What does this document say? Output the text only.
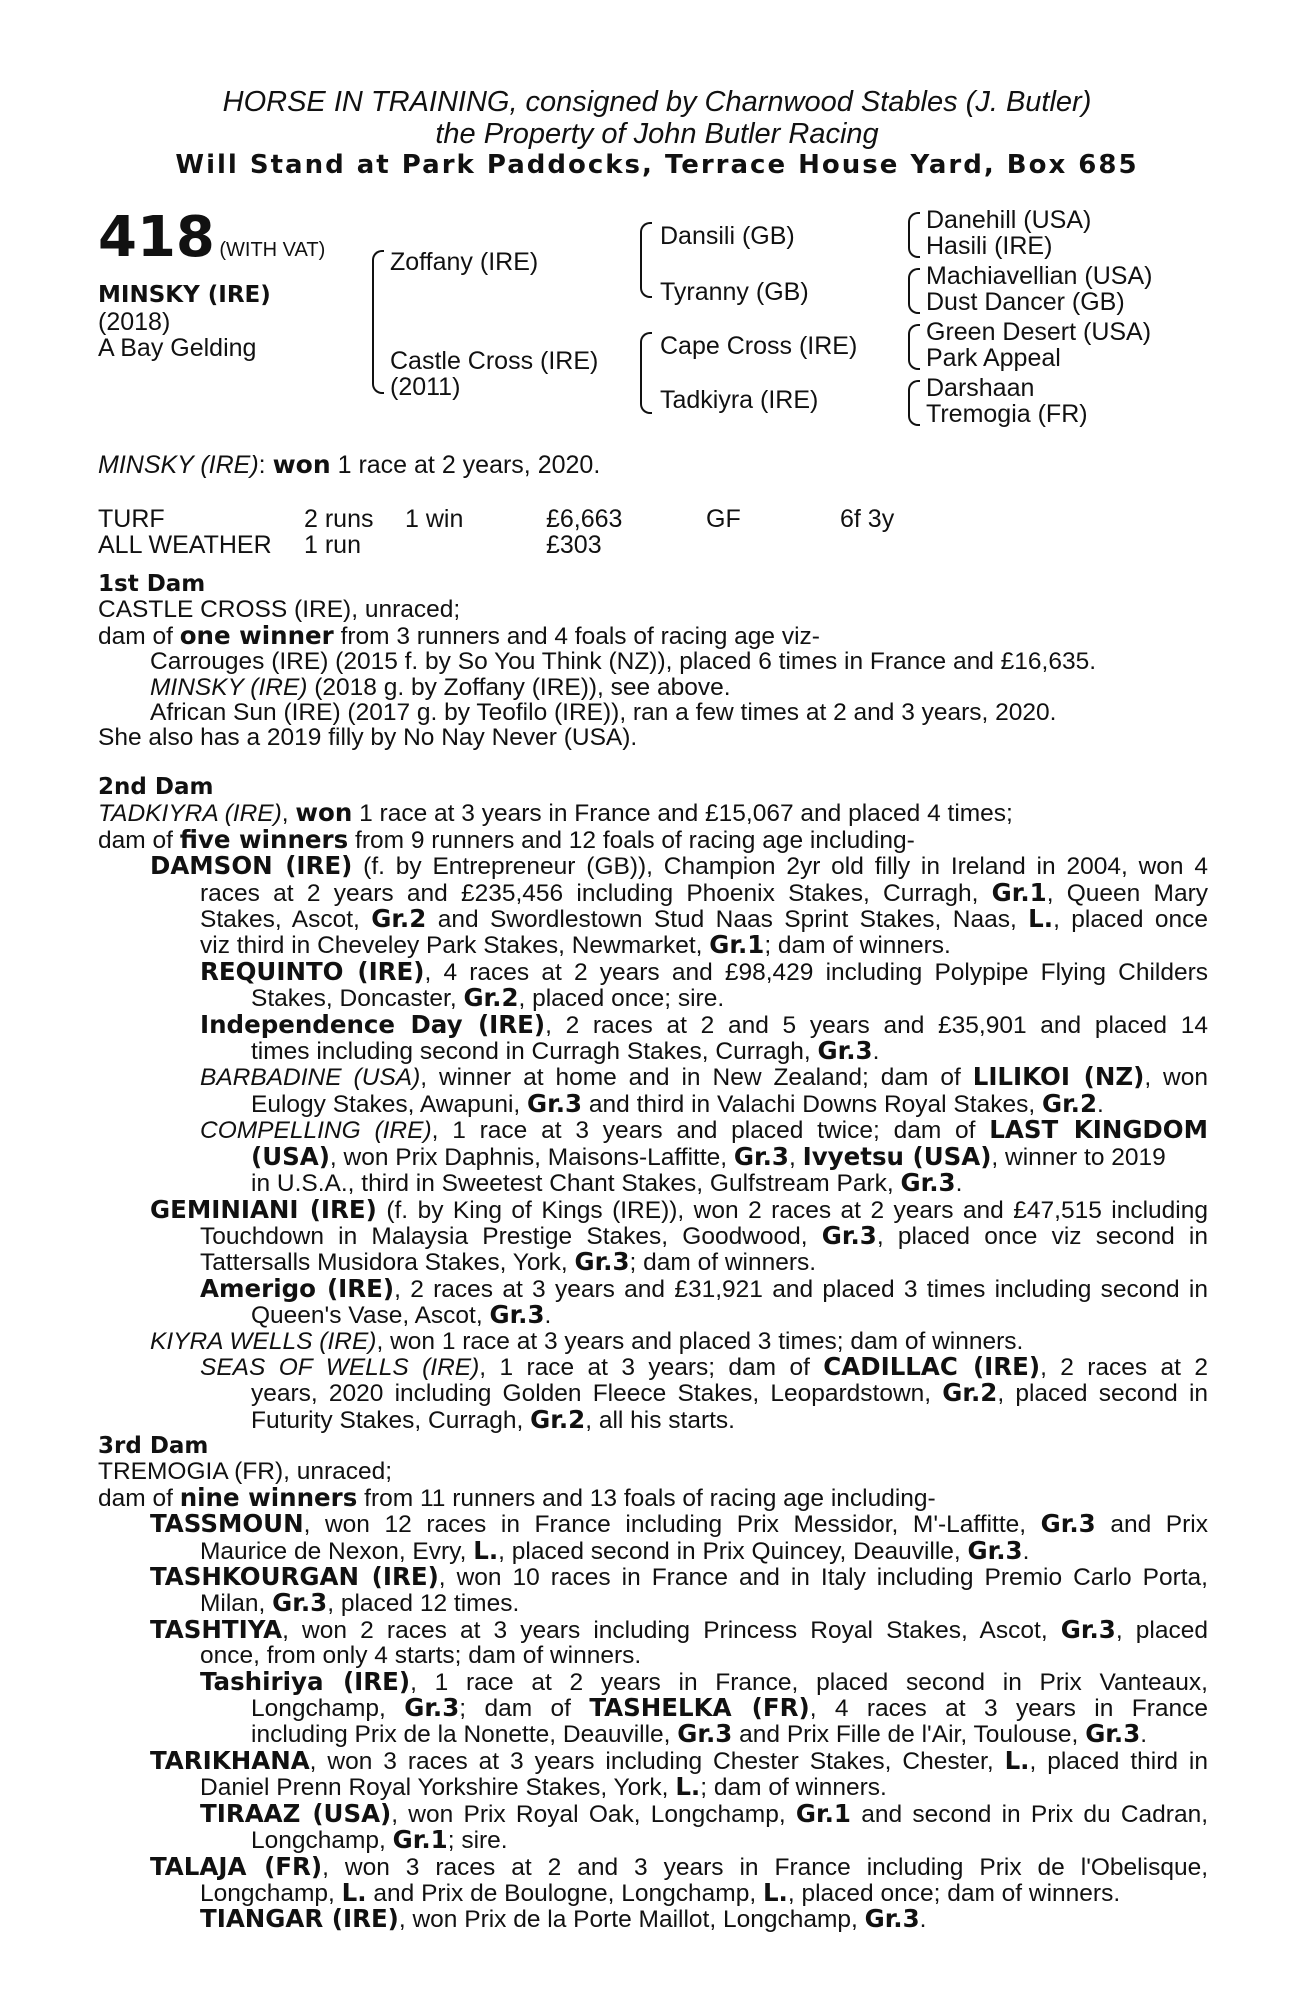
HORSE IN TRAINING, consigned by Charnwood Stables (J. Butler)
the Property of John Butler Racing
Will Stand at Park Paddocks, Terrace House Yard, Box 685
418 (WITH VAT)
MINSKY (IRE)
(2018)
A Bay Gelding
Zoffany (IRE)
Castle Cross (IRE)
(2011)
Dansili (GB)
Tyranny (GB)
Cape Cross (IRE)
Tadkiyra (IRE)
Danehill (USA)
Hasili (IRE)
Machiavellian (USA)
Dust Dancer (GB)
Green Desert (USA)
Park Appeal
Darshaan
Tremogia (FR)
MINSKY (IRE): won 1 race at 2 years, 2020.
TURF	2 runs 1 win	£6,663	GF	6f 3y
ALL WEATHER 1 run	£303
1st Dam
CASTLE CROSS (IRE), unraced;
dam of one winner from 3 runners and 4 foals of racing age viz-
Carrouges (IRE) (2015 f. by So You Think (NZ)), placed 6 times in France and £16,635.
MINSKY (IRE) (2018 g. by Zoffany (IRE)), see above.
African Sun (IRE) (2017 g. by Teofilo (IRE)), ran a few times at 2 and 3 years, 2020.
She also has a 2019 filly by No Nay Never (USA).
2nd Dam
TADKIYRA (IRE), won 1 race at 3 years in France and £15,067 and placed 4 times;
dam of five winners from 9 runners and 12 foals of racing age including-
DAMSON (IRE) (f. by Entrepreneur (GB)), Champion 2yr old filly in Ireland in 2004, won 4
races at 2 years and £235,456 including Phoenix Stakes, Curragh, Gr.1, Queen Mary
Stakes, Ascot, Gr.2 and Swordlestown Stud Naas Sprint Stakes, Naas, L., placed once
viz third in Cheveley Park Stakes, Newmarket, Gr.1; dam of winners.
REQUINTO (IRE), 4 races at 2 years and £98,429 including Polypipe Flying Childers
Stakes, Doncaster, Gr.2, placed once; sire.
Independence Day (IRE), 2 races at 2 and 5 years and £35,901 and placed 14
times including second in Curragh Stakes, Curragh, Gr.3.
BARBADINE (USA), winner at home and in New Zealand; dam of LILIKOI (NZ), won
Eulogy Stakes, Awapuni, Gr.3 and third in Valachi Downs Royal Stakes, Gr.2.
COMPELLING (IRE), 1 race at 3 years and placed twice; dam of LAST KINGDOM
(USA), won Prix Daphnis, Maisons-Laffitte, Gr.3, Ivyetsu (USA), winner to 2019
in U.S.A., third in Sweetest Chant Stakes, Gulfstream Park, Gr.3.
GEMINIANI (IRE) (f. by King of Kings (IRE)), won 2 races at 2 years and £47,515 including
Touchdown in Malaysia Prestige Stakes, Goodwood, Gr.3, placed once viz second in
Tattersalls Musidora Stakes, York, Gr.3; dam of winners.
Amerigo (IRE), 2 races at 3 years and £31,921 and placed 3 times including second in
Queen's Vase, Ascot, Gr.3.
KIYRA WELLS (IRE), won 1 race at 3 years and placed 3 times; dam of winners.
SEAS OF WELLS (IRE), 1 race at 3 years; dam of CADILLAC (IRE), 2 races at 2
years, 2020 including Golden Fleece Stakes, Leopardstown, Gr.2, placed second in
Futurity Stakes, Curragh, Gr.2, all his starts.
3rd Dam
TREMOGIA (FR), unraced;
dam of nine winners from 11 runners and 13 foals of racing age including-
TASSMOUN, won 12 races in France including Prix Messidor, M'-Laffitte, Gr.3 and Prix
Maurice de Nexon, Evry, L., placed second in Prix Quincey, Deauville, Gr.3.
TASHKOURGAN (IRE), won 10 races in France and in Italy including Premio Carlo Porta,
Milan, Gr.3, placed 12 times.
TASHTIYA, won 2 races at 3 years including Princess Royal Stakes, Ascot, Gr.3, placed
once, from only 4 starts; dam of winners.
Tashiriya (IRE), 1 race at 2 years in France, placed second in Prix Vanteaux,
Longchamp, Gr.3; dam of TASHELKA (FR), 4 races at 3 years in France
including Prix de la Nonette, Deauville, Gr.3 and Prix Fille de l'Air, Toulouse, Gr.3.
TARIKHANA, won 3 races at 3 years including Chester Stakes, Chester, L., placed third in
Daniel Prenn Royal Yorkshire Stakes, York, L.; dam of winners.
TIRAAZ (USA), won Prix Royal Oak, Longchamp, Gr.1 and second in Prix du Cadran,
Longchamp, Gr.1; sire.
TALAJA (FR), won 3 races at 2 and 3 years in France including Prix de l'Obelisque,
Longchamp, L. and Prix de Boulogne, Longchamp, L., placed once; dam of winners.
TIANGAR (IRE), won Prix de la Porte Maillot, Longchamp, Gr.3.
